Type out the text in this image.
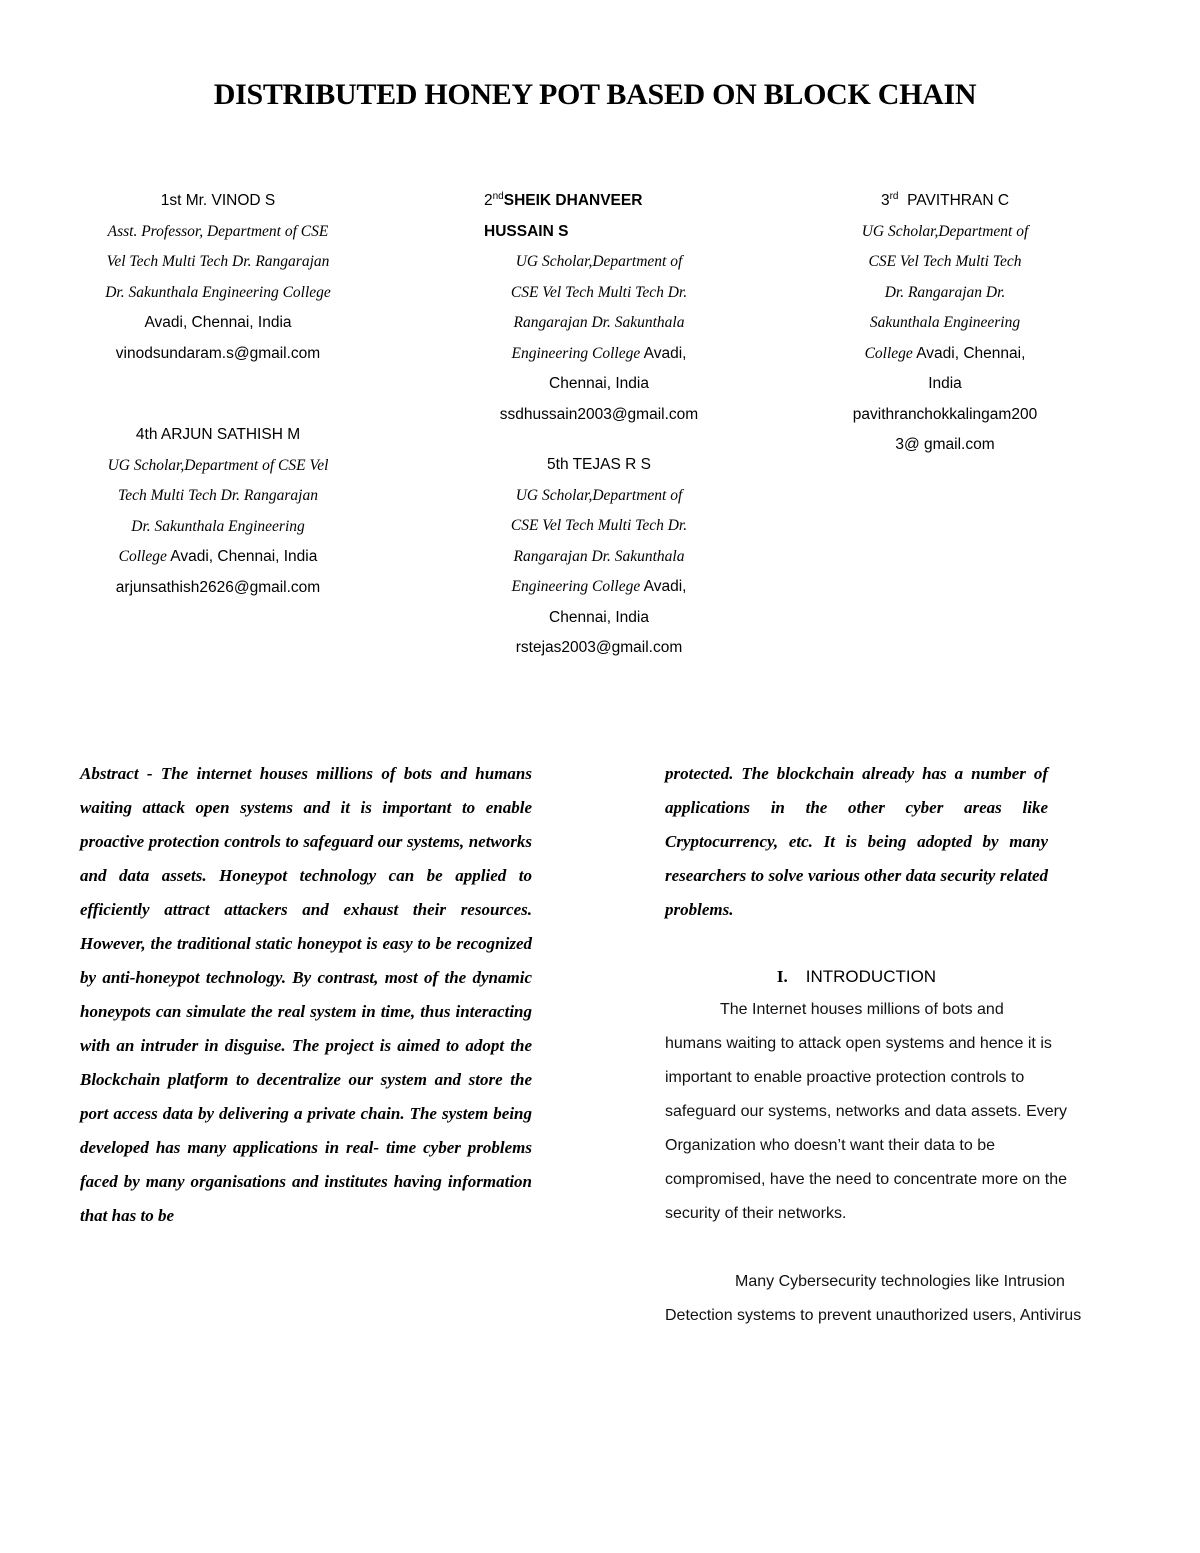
DISTRIBUTED HONEY POT BASED ON BLOCK CHAIN
1st Mr. VINOD S
Asst. Professor, Department of CSE
Vel Tech Multi Tech Dr. Rangarajan
Dr. Sakunthala Engineering College
Avadi, Chennai, India
vinodsundaram.s@gmail.com
2ndSHEIK DHANVEER
HUSSAIN S
UG Scholar,Department of
CSE Vel Tech Multi Tech Dr.
Rangarajan Dr. Sakunthala
Engineering College Avadi,
Chennai, India
ssdhussain2003@gmail.com
3rd PAVITHRAN C
UG Scholar,Department of
CSE Vel Tech Multi Tech
Dr. Rangarajan Dr.
Sakunthala Engineering
College Avadi, Chennai,
India
pavithranchokkalingam200
3@ gmail.com
4th ARJUN SATHISH M
UG Scholar,Department of CSE Vel
Tech Multi Tech Dr. Rangarajan
Dr. Sakunthala Engineering
College Avadi, Chennai, India
arjunsathish2626@gmail.com
5th TEJAS R S
UG Scholar,Department of
CSE Vel Tech Multi Tech Dr.
Rangarajan Dr. Sakunthala
Engineering College Avadi,
Chennai, India
rstejas2003@gmail.com
Abstract - The internet houses millions of bots and humans waiting attack open systems and it is important to enable proactive protection controls to safeguard our systems, networks and data assets. Honeypot technology can be applied to efficiently attract attackers and exhaust their resources. However, the traditional static honeypot is easy to be recognized by anti-honeypot technology. By contrast, most of the dynamic honeypots can simulate the real system in time, thus interacting with an intruder in disguise. The project is aimed to adopt the Blockchain platform to decentralize our system and store the port access data by delivering a private chain. The system being developed has many applications in real- time cyber problems faced by many organisations and institutes having information that has to be
protected. The blockchain already has a number of applications in the other cyber areas like Cryptocurrency, etc. It is being adopted by many researchers to solve various other data security related problems.
I. INTRODUCTION
The Internet houses millions of bots and
humans waiting to attack open systems and hence it is
important to enable proactive protection controls to
safeguard our systems, networks and data assets. Every
Organization who doesn’t want their data to be
compromised, have the need to concentrate more on the
security of their networks.
Many Cybersecurity technologies like Intrusion
Detection systems to prevent unauthorized users, Antivirus
